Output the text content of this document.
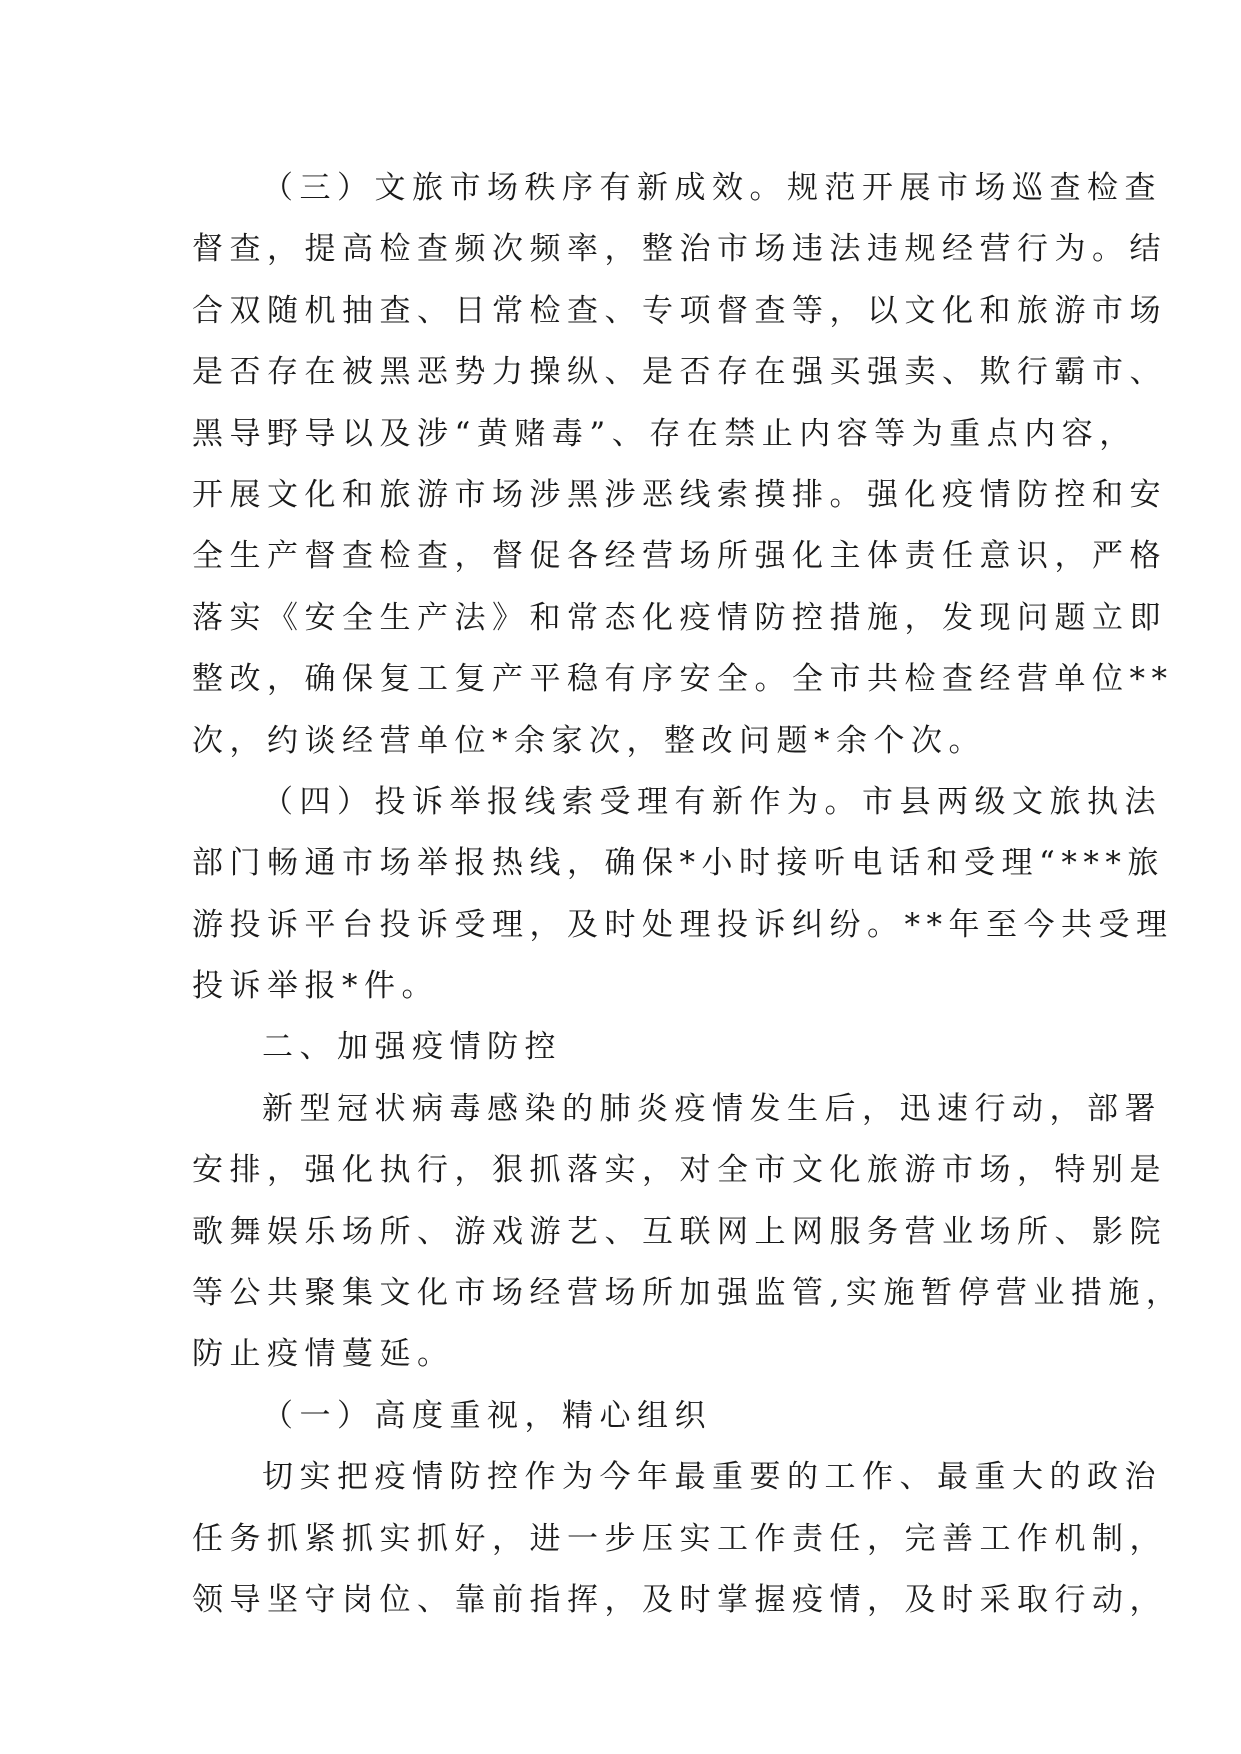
（三）文旅市场秩序有新成效。规范开展市场巡查检查
督查，提高检查频次频率，整治市场违法违规经营行为。结
合双随机抽查、日常检查、专项督查等，以文化和旅游市场
是否存在被黑恶势力操纵、是否存在强买强卖、欺行霸市、
黑导野导以及涉“黄赌毒”、存在禁止内容等为重点内容，
开展文化和旅游市场涉黑涉恶线索摸排。强化疫情防控和安
全生产督查检查，督促各经营场所强化主体责任意识，严格
落实《安全生产法》和常态化疫情防控措施，发现问题立即
整改，确保复工复产平稳有序安全。全市共检查经营单位**
次，约谈经营单位*余家次，整改问题*余个次。
（四）投诉举报线索受理有新作为。市县两级文旅执法
部门畅通市场举报热线，确保*小时接听电话和受理“***旅
游投诉平台投诉受理，及时处理投诉纠纷。**年至今共受理
投诉举报*件。
二、加强疫情防控
新型冠状病毒感染的肺炎疫情发生后，迅速行动，部署
安排，强化执行，狠抓落实，对全市文化旅游市场，特别是
歌舞娱乐场所、游戏游艺、互联网上网服务营业场所、影院
等公共聚集文化市场经营场所加强监管,实施暂停营业措施，
防止疫情蔓延。
（一）高度重视，精心组织
切实把疫情防控作为今年最重要的工作、最重大的政治
任务抓紧抓实抓好，进一步压实工作责任，完善工作机制，
领导坚守岗位、靠前指挥，及时掌握疫情，及时采取行动，
